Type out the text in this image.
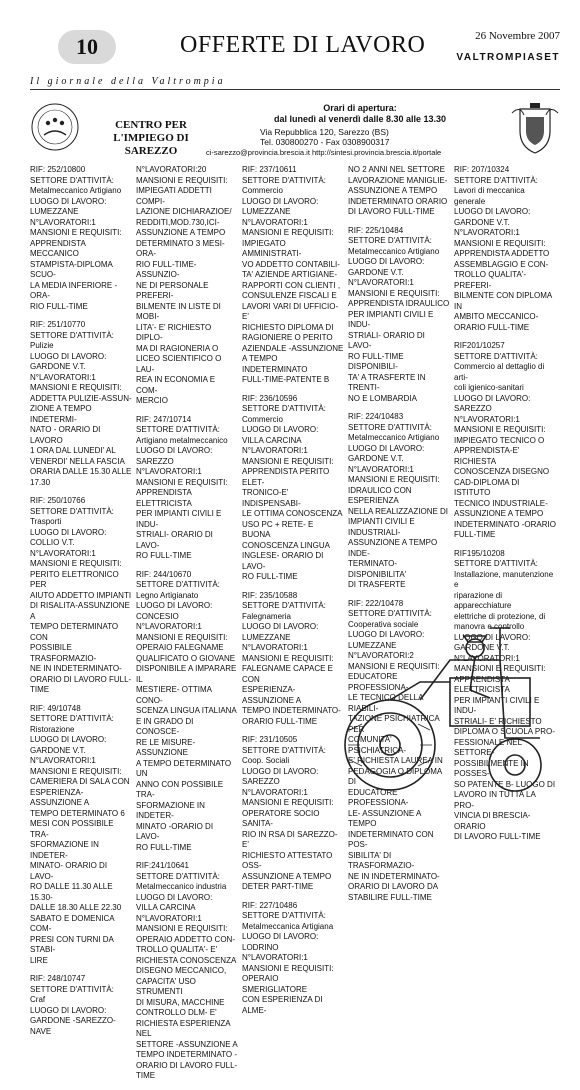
10	OFFERTE DI LAVORO	26 Novembre 2007
VALTROMPIASET
Il giornale della Valtrompia
CENTRO PER L'IMPIEGO DI SAREZZO
Orari di apertura:
dal lunedì al venerdì dalle 8.30 alle 13.30
Via Repubblica 120, Sarezzo (BS)
Tel. 030800270 - Fax 0308900317
ci-sarezzo@provincia.brescia.it http://sintesi.provincia.brescia.it/portale
RIF: 252/10800
SETTORE D'ATTIVITÀ:
Metalmeccanico Artigiano
LUOGO DI LAVORO:
LUMEZZANE
N°LAVORATORI:1
MANSIONI E REQUISITI:
APPRENDISTA MECCANICO
STAMPISTA-DIPLOMA SCUO-
LA MEDIA INFERIORE - ORA-
RIO FULL-TIME
RIF: 251/10770
SETTORE D'ATTIVITÀ:
Pulizie
LUOGO DI LAVORO:
GARDONE V.T.
N°LAVORATORI:1
MANSIONI E REQUISITI:
ADDETTA PULIZIE-ASSUN-
ZIONE A TEMPO INDETERMI-
NATO - ORARIO DI LAVORO
1 ORA DAL LUNEDI' AL
VENERDI' NELLA FASCIA
ORARIA DALLE 15.30 ALLE
17.30
RIF: 250/10766
SETTORE D'ATTIVITÀ:
Trasporti
LUOGO DI LAVORO:
COLLIO V.T.
N°LAVORATORI:1
MANSIONI E REQUISITI:
PERITO ELETTRONICO PER
AIUTO ADDETTO IMPIANTI
DI RISALITA-ASSUNZIONE A
TEMPO DETERMINATO CON
POSSIBILE TRASFORMAZIO-
NE IN INDETERMINATO-
ORARIO DI LAVORO FULL-
TIME
RIF: 49/10748
SETTORE D'ATTIVITÀ:
Ristorazione
LUOGO DI LAVORO:
GARDONE V.T.
N°LAVORATORI:1
MANSIONI E REQUISITI:
CAMERIERA DI SALA CON
ESPERIENZA-ASSUNZIONE A
TEMPO DETERMINATO 6
MESI CON POSSIBILE TRA-
SFORMAZIONE IN INDETER-
MINATO- ORARIO DI LAVO-
RO DALLE 11.30 ALLE 15.30-
DALLE 18.30 ALLE 22.30
SABATO E DOMENICA COM-
PRESI CON TURNI DA STABI-
LIRE
RIF: 248/10747
SETTORE D'ATTIVITÀ:
Craf
LUOGO DI LAVORO:
GARDONE -SAREZZO-NAVE
N°LAVORATORI:20
MANSIONI E REQUISITI:
IMPIEGATI ADDETTI COMPI-
LAZIONE DICHIARAZIOE/
REDDITI,MOD.730,ICI-
ASSUNZIONE A TEMPO
DETERMINATO 3 MESI-ORA-
RIO FULL-TIME- ASSUNZIO-
NE DI PERSONALE PREFERI-
BILMENTE IN LISTE DI MOBI-
LITA'- E' RICHIESTO DIPLO-
MA DI RAGIONERIA O
LICEO SCIENTIFICO O LAU-
REA IN ECONOMIA E COM-
MERCIO
RIF: 247/10714
SETTORE D'ATTIVITÀ:
Artigiano metalmeccanico
LUOGO DI LAVORO:
SAREZZO
N°LAVORATORI:1
MANSIONI E REQUISITI:
APPRENDISTA ELETTRICISTA
PER IMPIANTI CIVILI E INDU-
STRIALI- ORARIO DI LAVO-
RO FULL-TIME
RIF: 244/10670
SETTORE D'ATTIVITÀ:
Legno Artigianato
LUOGO DI LAVORO:
CONCESIO
N°LAVORATORI:1
MANSIONI E REQUISITI:
OPERAIO FALEGNAME
QUALIFICATO O GIOVANE
DISPONIBILE A IMPARARE IL
MESTIERE- OTTIMA CONO-
SCENZA LINGUA ITALIANA
E IN GRADO DI CONOSCE-
RE LE MISURE-ASSUNZIONE
A TEMPO DETERMINATO UN
ANNO CON POSSIBILE TRA-
SFORMAZIONE IN INDETER-
MINATO -ORARIO DI LAVO-
RO FULL-TIME
RIF:241/10641
SETTORE D'ATTIVITÀ:
Metalmeccanico industria
LUOGO DI LAVORO:
VILLA CARCINA
N°LAVORATORI:1
MANSIONI E REQUISITI:
OPERAIO ADDETTO CON-
TROLLO QUALITA'- E'
RICHIESTA CONOSCENZA
DISEGNO MECCANICO,
CAPACITA' USO STRUMENTI
DI MISURA, MACCHINE
CONTROLLO DLM- E'
RICHIESTA ESPERIENZA NEL
SETTORE -ASSUNZIONE A
TEMPO INDETERMINATO -
ORARIO DI LAVORO FULL-
TIME
RIF: 237/10611
SETTORE D'ATTIVITÀ:
Commercio
LUOGO DI LAVORO:
LUMEZZANE
N°LAVORATORI:1
MANSIONI E REQUISITI:
IMPIEGATO AMMINISTRATI-
VO ADDETTO CONTABILI-
TA' AZIENDE ARTIGIANE-
RAPPORTI CON CLIENTI ,
CONSULENZE FISCALI E
LAVORI VARI DI UFFICIO-E'
RICHIESTO DIPLOMA DI
RAGIONIERE O PERITO
AZIENDALE -ASSUNZIONE
A TEMPO INDETERMINATO
FULL-TIME-PATENTE B
RIF: 236/10596
SETTORE D'ATTIVITÀ:
Commercio
LUOGO DI LAVORO:
VILLA CARCINA
N°LAVORATORI:1
MANSIONI E REQUISITI:
APPRENDISTA PERITO ELET-
TRONICO-E' INDISPENSABI-
LE OTTIMA CONOSCENZA
USO PC + RETE- E BUONA
CONOSCENZA LINGUA
INGLESE- ORARIO DI LAVO-
RO FULL-TIME
RIF: 235/10588
SETTORE D'ATTIVITÀ:
Falegnameria
LUOGO DI LAVORO:
LUMEZZANE
N°LAVORATORI:1
MANSIONI E REQUISITI:
FALEGNAME CAPACE E CON
ESPERIENZA-ASSUNZIONE A
TEMPO INDETERMINATO-
ORARIO FULL-TIME
RIF: 231/10505
SETTORE D'ATTIVITÀ:
Coop. Sociali
LUOGO DI LAVORO:
SAREZZO
N°LAVORATORI:1
MANSIONI E REQUISITI:
OPERATORE SOCIO SANITA-
RIO IN RSA DI SAREZZO- E'
RICHIESTO ATTESTATO OSS-
ASSUNZIONE A TEMPO
DETER PART-TIME
RIF: 227/10486
SETTORE D'ATTIVITÀ:
Metalmeccanica Artigiana
LUOGO DI LAVORO:
LODRINO
N°LAVORATORI:1
MANSIONI E REQUISITI:
OPERAIO SMERIGLIATORE
CON ESPERIENZA DI ALME-
NO 2 ANNI NEL SETTORE
LAVORAZIONE MANIGLIE-
ASSUNZIONE A TEMPO
INDETERMINATO ORARIO
DI LAVORO FULL-TIME
RIF: 225/10484
SETTORE D'ATTIVITÀ:
Metalmeccanico Artigiano
LUOGO DI LAVORO:
GARDONE V.T.
N°LAVORATORI:1
MANSIONI E REQUISITI:
APPRENDISTA IDRAULICO
PER IMPIANTI CIVILI E INDU-
STRIALI- ORARIO DI LAVO-
RO FULL-TIME DISPONIBILI-
TA' A TRASFERTE IN TRENTI-
NO E LOMBARDIA
RIF: 224/10483
SETTORE D'ATTIVITÀ:
Metalmeccanico Artigiano
LUOGO DI LAVORO:
GARDONE V.T.
N°LAVORATORI:1
MANSIONI E REQUISITI:
IDRAULICO CON ESPERIENZA
NELLA REALIZZAZIONE DI
IMPIANTI CIVILI E INDUSTRIALI-
ASSUNZIONE A TEMPO INDE-
TERMINATO- DISPONIBILITA'
DI TRASFERTE
RIF: 222/10478
SETTORE D'ATTIVITÀ:
Cooperativa sociale
LUOGO DI LAVORO:
LUMEZZANE
N°LAVORATORI:2
MANSIONI E REQUISITI:
EDUCATORE PROFESSIONA-
LE TECNICO DELLA RIABILI-
TAZIONE PSICHIATRICA PER
COMUNITA' PSICHIATRICA-
E' RICHIESTA LAUREA IN
PEDAGOGIA O DIPLOMA DI
EDUCATORE PROFESSIONA-
LE- ASSUNZIONE A TEMPO
INDETERMINATO CON POS-
SIBILITA' DI TRASFORMAZIO-
NE IN INDETERMINATO-
ORARIO DI LAVORO DA
STABILIRE FULL-TIME
RIF: 207/10324
SETTORE D'ATTIVITÀ:
Lavori di meccanica generale
LUOGO DI LAVORO:
GARDONE V.T.
N°LAVORATORI:1
MANSIONI E REQUISITI:
APPRENDISTA ADDETTO
ASSEMBLAGGIO E CON-
TROLLO QUALITA'-PREFERI-
BILMENTE CON DIPLOMA IN
AMBITO MECCANICO-
ORARIO FULL-TIME
RIF201/10257
SETTORE D'ATTIVITÀ:
Commercio al dettaglio di arti-
coli igienico-sanitari
LUOGO DI LAVORO:
SAREZZO
N°LAVORATORI:1
MANSIONI E REQUISITI:
IMPIEGATO TECNICO O
APPRENDISTA-E' RICHIESTA
CONOSCENZA DISEGNO
CAD-DIPLOMA DI ISTITUTO
TECNICO INDUSTRIALE-
ASSUNZIONE A TEMPO
INDETERMINATO -ORARIO
FULL-TIME
RIF195/10208
SETTORE D'ATTIVITÀ:
Installazione, manutenzione e
riparazione di apparecchiature
elettriche di protezione, di
manovra e controllo
LUOGO DI LAVORO:
GARDONE V.T.
N°LAVORATORI:1
MANSIONI E REQUISITI:
APPRENDISTA ELETTRICISTA
PER IMPIANTI CIVILI E INDU-
STRIALI- E' RICHIESTO
DIPLOMA O SCUOLA PRO-
FESSIONALE NEL SETTORE-
POSSIBILMENTE IN POSSES-
SO PATENTE B- LUOGO DI
LAVORO IN TUTTA LA PRO-
VINCIA DI BRESCIA-ORARIO
DI LAVORO FULL-TIME
